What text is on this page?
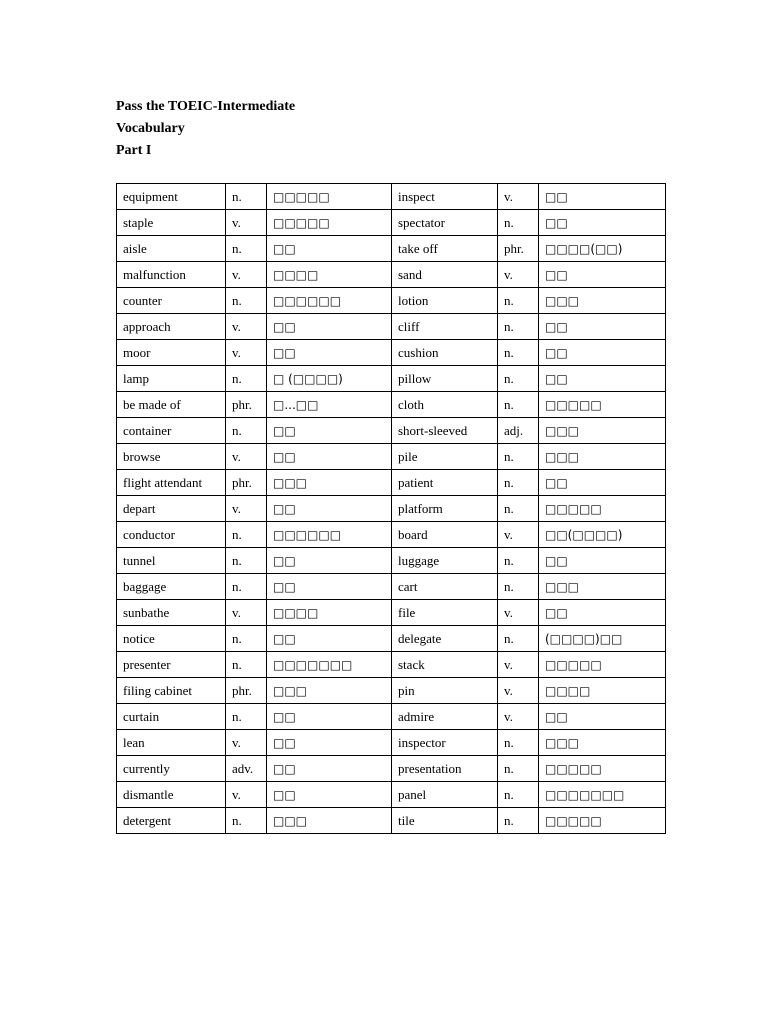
Pass the TOEIC-Intermediate
Vocabulary
Part I
equipment	n.	□□□□□	inspect	v.	□□
staple	v.	□□□□□	spectator	n.	□□
aisle	n.	□□	take off	phr.	□□□□(□□)
malfunction	v.	□□□□	sand	v.	□□
counter	n.	□□□□□□	lotion	n.	□□□
approach	v.	□□	cliff	n.	□□
moor	v.	□□	cushion	n.	□□
lamp	n.	□ (□□□□)	pillow	n.	□□
be made of	phr.	□...□□	cloth	n.	□□□□□
container	n.	□□	short-sleeved	adj.	□□□
browse	v.	□□	pile	n.	□□□
flight attendant	phr.	□□□	patient	n.	□□
depart	v.	□□	platform	n.	□□□□□
conductor	n.	□□□□□□	board	v.	□□(□□□□)
tunnel	n.	□□	luggage	n.	□□
baggage	n.	□□	cart	n.	□□□
sunbathe	v.	□□□□	file	v.	□□
notice	n.	□□	delegate	n.	(□□□□)□□
presenter	n.	□□□□□□□	stack	v.	□□□□□
filing cabinet	phr.	□□□	pin	v.	□□□□
curtain	n.	□□	admire	v.	□□
lean	v.	□□	inspector	n.	□□□
currently	adv.	□□	presentation	n.	□□□□□
dismantle	v.	□□	panel	n.	□□□□□□□
detergent	n.	□□□	tile	n.	□□□□□
